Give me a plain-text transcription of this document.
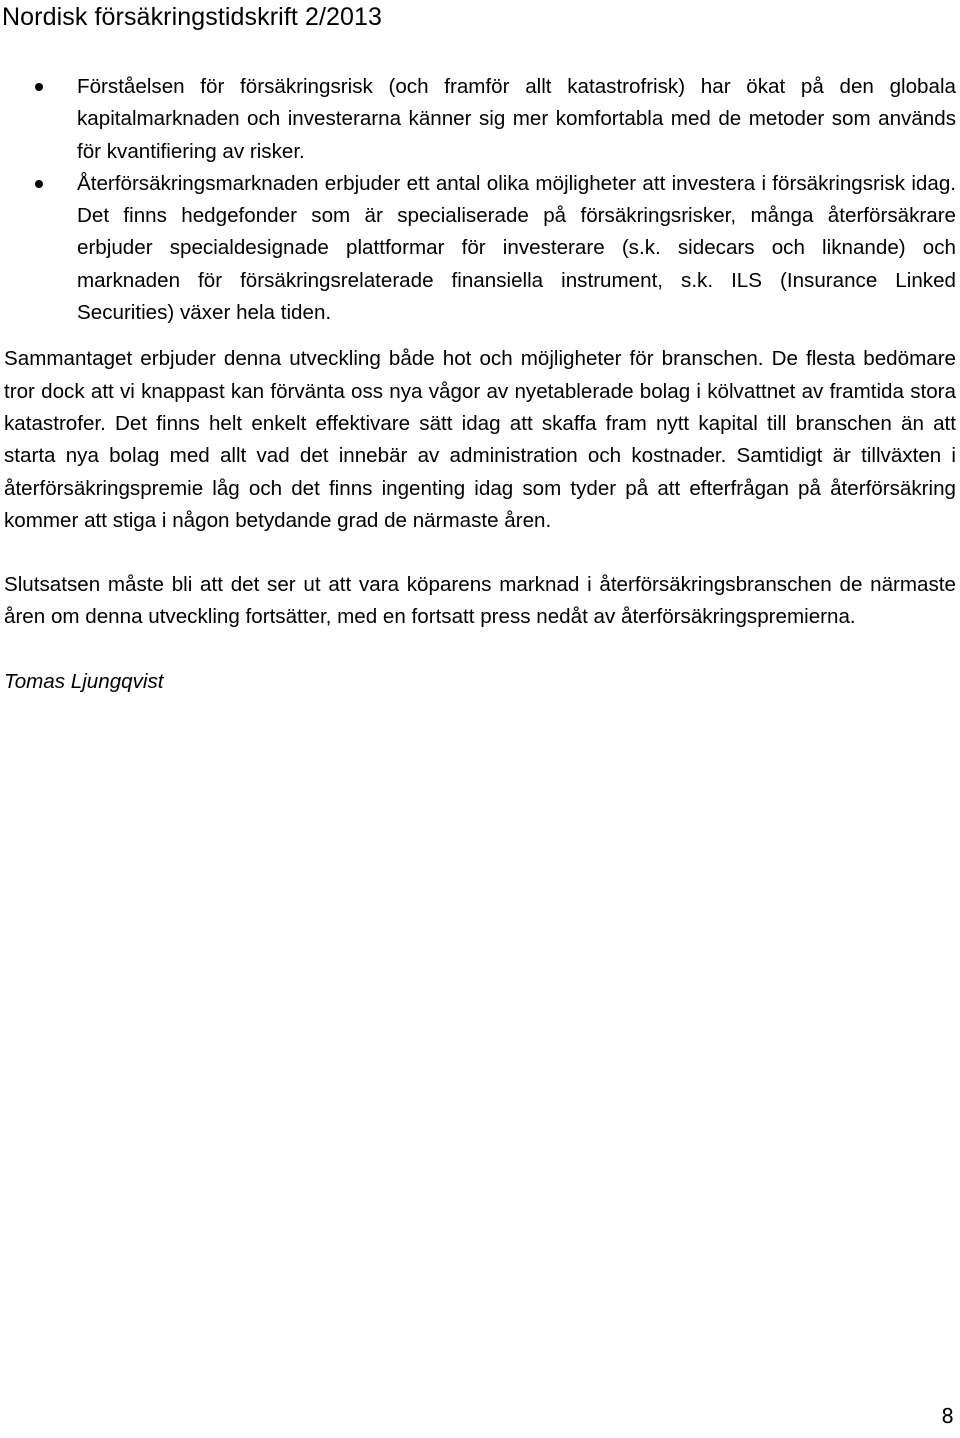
Nordisk försäkringstidskrift 2/2013
Förståelsen för försäkringsrisk (och framför allt katastrofrisk) har ökat på den globala kapitalmarknaden och investerarna känner sig mer komfortabla med de metoder som används för kvantifiering av risker.
Återförsäkringsmarknaden erbjuder ett antal olika möjligheter att investera i försäkringsrisk idag. Det finns hedgefonder som är specialiserade på försäkringsrisker, många återförsäkrare erbjuder specialdesignade plattformar för investerare (s.k. sidecars och liknande) och marknaden för försäkringsrelaterade finansiella instrument, s.k. ILS (Insurance Linked Securities) växer hela tiden.

Sammantaget erbjuder denna utveckling både hot och möjligheter för branschen. De flesta bedömare tror dock att vi knappast kan förvänta oss nya vågor av nyetablerade bolag i kölvattnet av framtida stora katastrofer. Det finns helt enkelt effektivare sätt idag att skaffa fram nytt kapital till branschen än att starta nya bolag med allt vad det innebär av administration och kostnader. Samtidigt är tillväxten i återförsäkringspremie låg och det finns ingenting idag som tyder på att efterfrågan på återförsäkring kommer att stiga i någon betydande grad de närmaste åren.

Slutsatsen måste bli att det ser ut att vara köparens marknad i återförsäkringsbranschen de närmaste åren om denna utveckling fortsätter, med en fortsatt press nedåt av återförsäkringspremierna.

Tomas Ljungqvist
8
